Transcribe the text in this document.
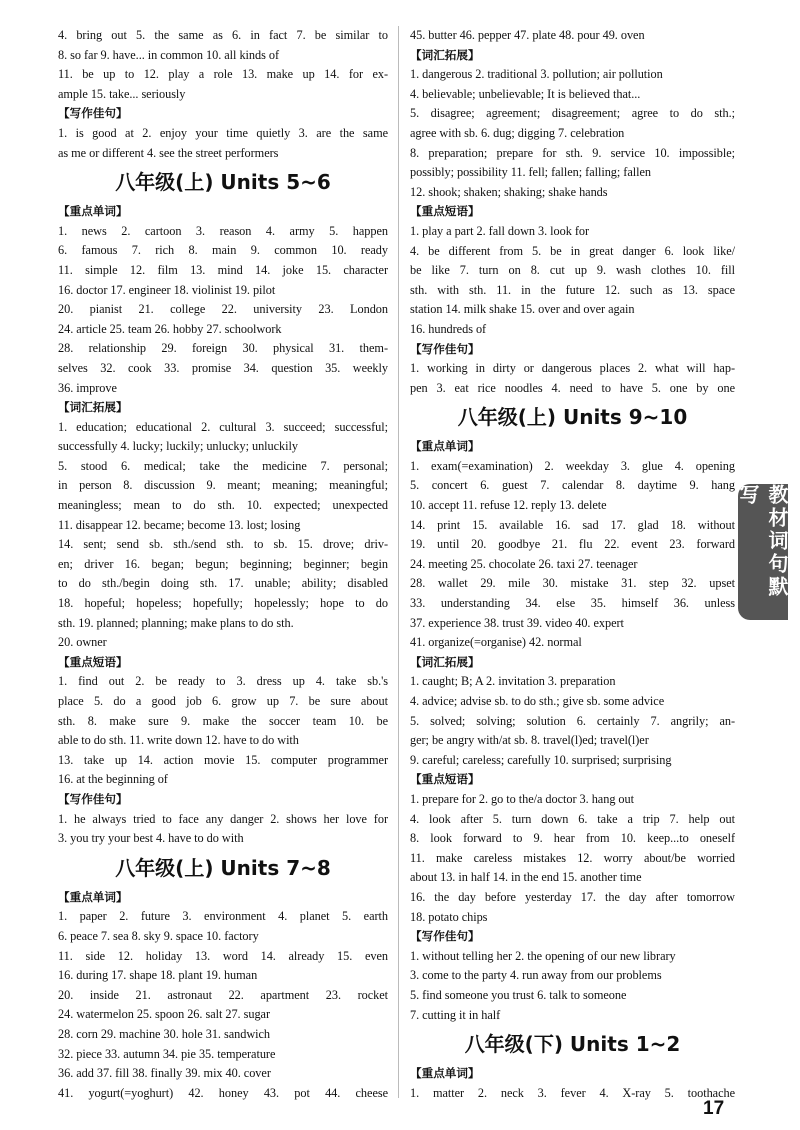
4. bring out 5. the same as 6. in fact 7. be similar to
8. so far 9. have... in common 10. all kinds of
11. be up to 12. play a role 13. make up 14. for ex-
ample 15. take... seriously
【写作佳句】
1. is good at 2. enjoy your time quietly 3. are the same
as me or different 4. see the street performers
八年级(上) Units 5~6
【重点单词】
1. news 2. cartoon 3. reason 4. army 5. happen
6. famous 7. rich 8. main 9. common 10. ready
11. simple 12. film 13. mind 14. joke 15. character
16. doctor 17. engineer 18. violinist 19. pilot
20. pianist 21. college 22. university 23. London
24. article 25. team 26. hobby 27. schoolwork
28. relationship 29. foreign 30. physical 31. them-
selves 32. cook 33. promise 34. question 35. weekly
36. improve
【词汇拓展】
1. education; educational 2. cultural 3. succeed; successful;
successfully 4. lucky; luckily; unlucky; unluckily
5. stood 6. medical; take the medicine 7. personal;
in person 8. discussion 9. meant; meaning; meaningful;
meaningless; mean to do sth. 10. expected; unexpected
11. disappear 12. became; become 13. lost; losing
14. sent; send sb. sth./send sth. to sb. 15. drove; driv-
en; driver 16. began; begun; beginning; beginner; begin
to do sth./begin doing sth. 17. unable; ability; disabled
18. hopeful; hopeless; hopefully; hopelessly; hope to do
sth. 19. planned; planning; make plans to do sth.
20. owner
【重点短语】
1. find out 2. be ready to 3. dress up 4. take sb.'s
place 5. do a good job 6. grow up 7. be sure about
sth. 8. make sure 9. make the soccer team 10. be
able to do sth. 11. write down 12. have to do with
13. take up 14. action movie 15. computer programmer
16. at the beginning of
【写作佳句】
1. he always tried to face any danger 2. shows her love for
3. you try your best 4. have to do with
八年级(上) Units 7~8
【重点单词】
1. paper 2. future 3. environment 4. planet 5. earth
6. peace 7. sea 8. sky 9. space 10. factory
11. side 12. holiday 13. word 14. already 15. even
16. during 17. shape 18. plant 19. human
20. inside 21. astronaut 22. apartment 23. rocket
24. watermelon 25. spoon 26. salt 27. sugar
28. corn 29. machine 30. hole 31. sandwich
32. piece 33. autumn 34. pie 35. temperature
36. add 37. fill 38. finally 39. mix 40. cover
41. yogurt(=yoghurt) 42. honey 43. pot 44. cheese
45. butter 46. pepper 47. plate 48. pour 49. oven
【词汇拓展】
1. dangerous 2. traditional 3. pollution; air pollution
4. believable; unbelievable; It is believed that...
5. disagree; agreement; disagreement; agree to do sth.;
agree with sb. 6. dug; digging 7. celebration
8. preparation; prepare for sth. 9. service 10. impossible;
possibly; possibility 11. fell; fallen; falling; fallen
12. shook; shaken; shaking; shake hands
【重点短语】
1. play a part 2. fall down 3. look for
4. be different from 5. be in great danger 6. look like/
be like 7. turn on 8. cut up 9. wash clothes 10. fill
sth. with sth. 11. in the future 12. such as 13. space
station 14. milk shake 15. over and over again
16. hundreds of
【写作佳句】
1. working in dirty or dangerous places 2. what will hap-
pen 3. eat rice noodles 4. need to have 5. one by one
八年级(上) Units 9~10
【重点单词】
1. exam(=examination) 2. weekday 3. glue 4. opening
5. concert 6. guest 7. calendar 8. daytime 9. hang
10. accept 11. refuse 12. reply 13. delete
14. print 15. available 16. sad 17. glad 18. without
19. until 20. goodbye 21. flu 22. event 23. forward
24. meeting 25. chocolate 26. taxi 27. teenager
28. wallet 29. mile 30. mistake 31. step 32. upset
33. understanding 34. else 35. himself 36. unless
37. experience 38. trust 39. video 40. expert
41. organize(=organise) 42. normal
【词汇拓展】
1. caught; B; A 2. invitation 3. preparation
4. advice; advise sb. to do sth.; give sb. some advice
5. solved; solving; solution 6. certainly 7. angrily; an-
ger; be angry with/at sb. 8. travel(l)ed; travel(l)er
9. careful; careless; carefully 10. surprised; surprising
【重点短语】
1. prepare for 2. go to the/a doctor 3. hang out
4. look after 5. turn down 6. take a trip 7. help out
8. look forward to 9. hear from 10. keep...to oneself
11. make careless mistakes 12. worry about/be worried
about 13. in half 14. in the end 15. another time
16. the day before yesterday 17. the day after tomorrow
18. potato chips
【写作佳句】
1. without telling her 2. the opening of our new library
3. come to the party 4. run away from our problems
5. find someone you trust 6. talk to someone
7. cutting it in half
八年级(下) Units 1~2
【重点单词】
1. matter 2. neck 3. fever 4. X-ray 5. toothache
教材词句默写
17
